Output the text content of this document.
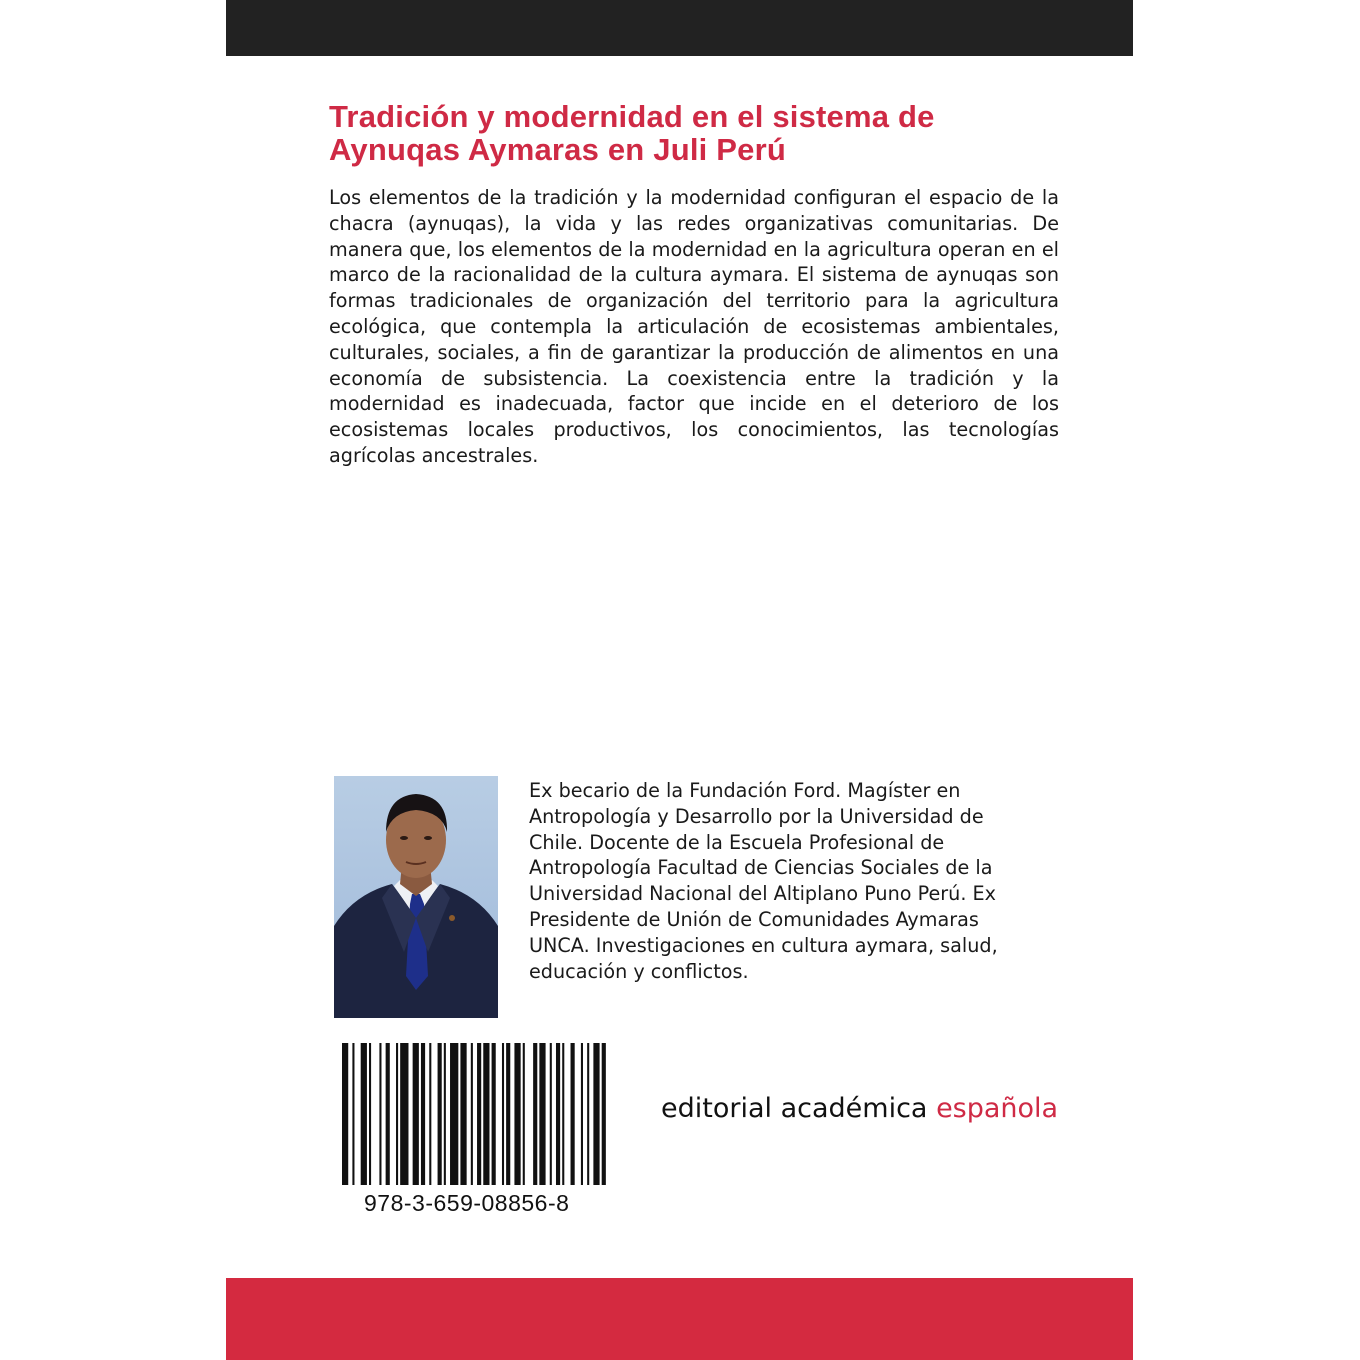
Tradición y modernidad en el sistema de Aynuqas Aymaras en Juli Perú

Los elementos de la tradición y la modernidad configuran el espacio de la chacra (aynuqas), la vida y las redes organizativas comunitarias. De manera que, los elementos de la modernidad en la agricultura operan en el marco de la racionalidad de la cultura aymara. El sistema de aynuqas son formas tradicionales de organización del territorio para la agricultura ecológica, que contempla la articulación de ecosistemas ambientales, culturales, sociales, a fin de garantizar la producción de alimentos en una economía de subsistencia. La coexistencia entre la tradición y la modernidad es inadecuada, factor que incide en el deterioro de los ecosistemas locales productivos, los conocimientos, las tecnologías agrícolas ancestrales.

Ex becario de la Fundación Ford. Magíster en Antropología y Desarrollo por la Universidad de Chile. Docente de la Escuela Profesional de Antropología Facultad de Ciencias Sociales de la Universidad Nacional del Altiplano Puno Perú. Ex Presidente de Unión de Comunidades Aymaras UNCA. Investigaciones en cultura aymara, salud, educación y conflictos.

978-3-659-08856-8

editorial académica española
